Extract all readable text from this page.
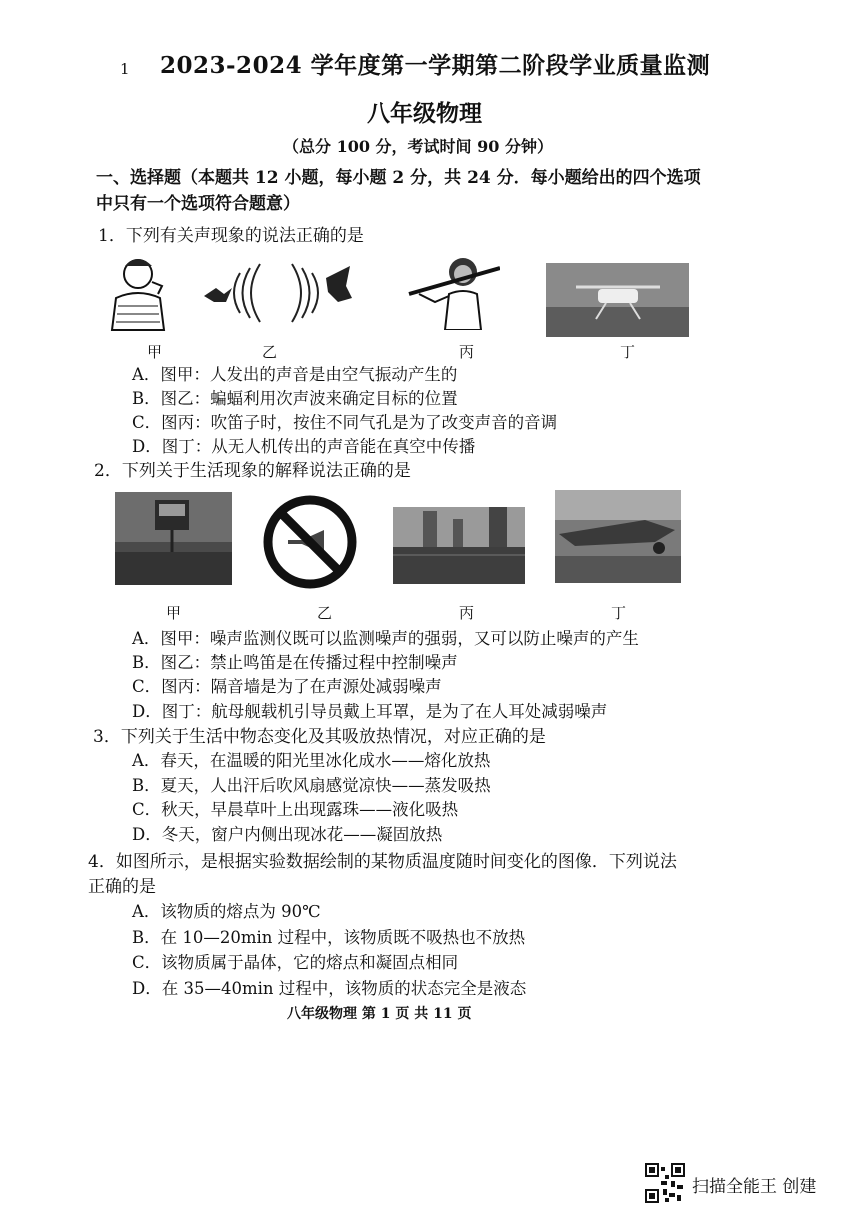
1 2023-2024 学年度第一学期第二阶段学业质量监测
八年级物理
（总分 100 分，考试时间 90 分钟）
一、选择题（本题共 12 小题，每小题 2 分，共 24 分．每小题给出的四个选项
中只有一个选项符合题意）
1．下列有关声现象的说法正确的是
甲	乙	丙	丁
A．图甲：人发出的声音是由空气振动产生的
B．图乙：蝙蝠利用次声波来确定目标的位置
C．图丙：吹笛子时，按住不同气孔是为了改变声音的音调
D．图丁：从无人机传出的声音能在真空中传播
2．下列关于生活现象的解释说法正确的是
甲	乙	丙	丁
A．图甲：噪声监测仪既可以监测噪声的强弱，又可以防止噪声的产生
B．图乙：禁止鸣笛是在传播过程中控制噪声
C．图丙：隔音墙是为了在声源处减弱噪声
D．图丁：航母舰载机引导员戴上耳罩，是为了在人耳处减弱噪声
3．下列关于生活中物态变化及其吸放热情况，对应正确的是
A．春天，在温暖的阳光里冰化成水——熔化放热
B．夏天，人出汗后吹风扇感觉凉快——蒸发吸热
C．秋天，早晨草叶上出现露珠——液化吸热
D．冬天，窗户内侧出现冰花——凝固放热
4．如图所示，是根据实验数据绘制的某物质温度随时间变化的图像．下列说法
正确的是
A．该物质的熔点为 90℃
B．在 10—20min 过程中，该物质既不吸热也不放热
C．该物质属于晶体，它的熔点和凝固点相同
D．在 35—40min 过程中，该物质的状态完全是液态
八年级物理 第 1 页 共 11 页
扫描全能王 创建
